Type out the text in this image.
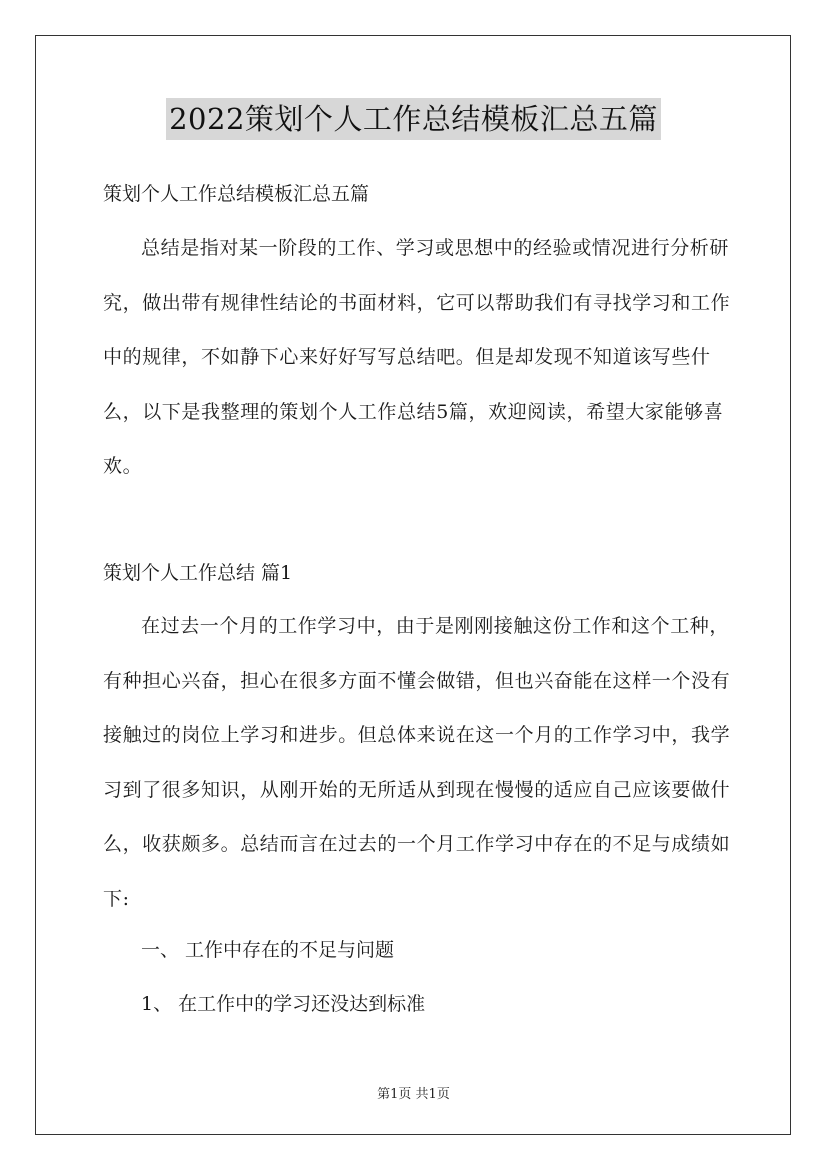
2022策划个人工作总结模板汇总五篇
策划个人工作总结模板汇总五篇

总结是指对某一阶段的工作、学习或思想中的经验或情况进行分析研究，做出带有规律性结论的书面材料，它可以帮助我们有寻找学习和工作中的规律，不如静下心来好好写写总结吧。但是却发现不知道该写些什么，以下是我整理的策划个人工作总结5篇，欢迎阅读，希望大家能够喜欢。

策划个人工作总结 篇1

在过去一个月的工作学习中，由于是刚刚接触这份工作和这个工种，有种担心兴奋，担心在很多方面不懂会做错，但也兴奋能在这样一个没有接触过的岗位上学习和进步。但总体来说在这一个月的工作学习中，我学习到了很多知识，从刚开始的无所适从到现在慢慢的适应自己应该要做什么，收获颇多。总结而言在过去的一个月工作学习中存在的不足与成绩如下:

一、 工作中存在的不足与问题
1、 在工作中的学习还没达到标准
第1页 共1页
